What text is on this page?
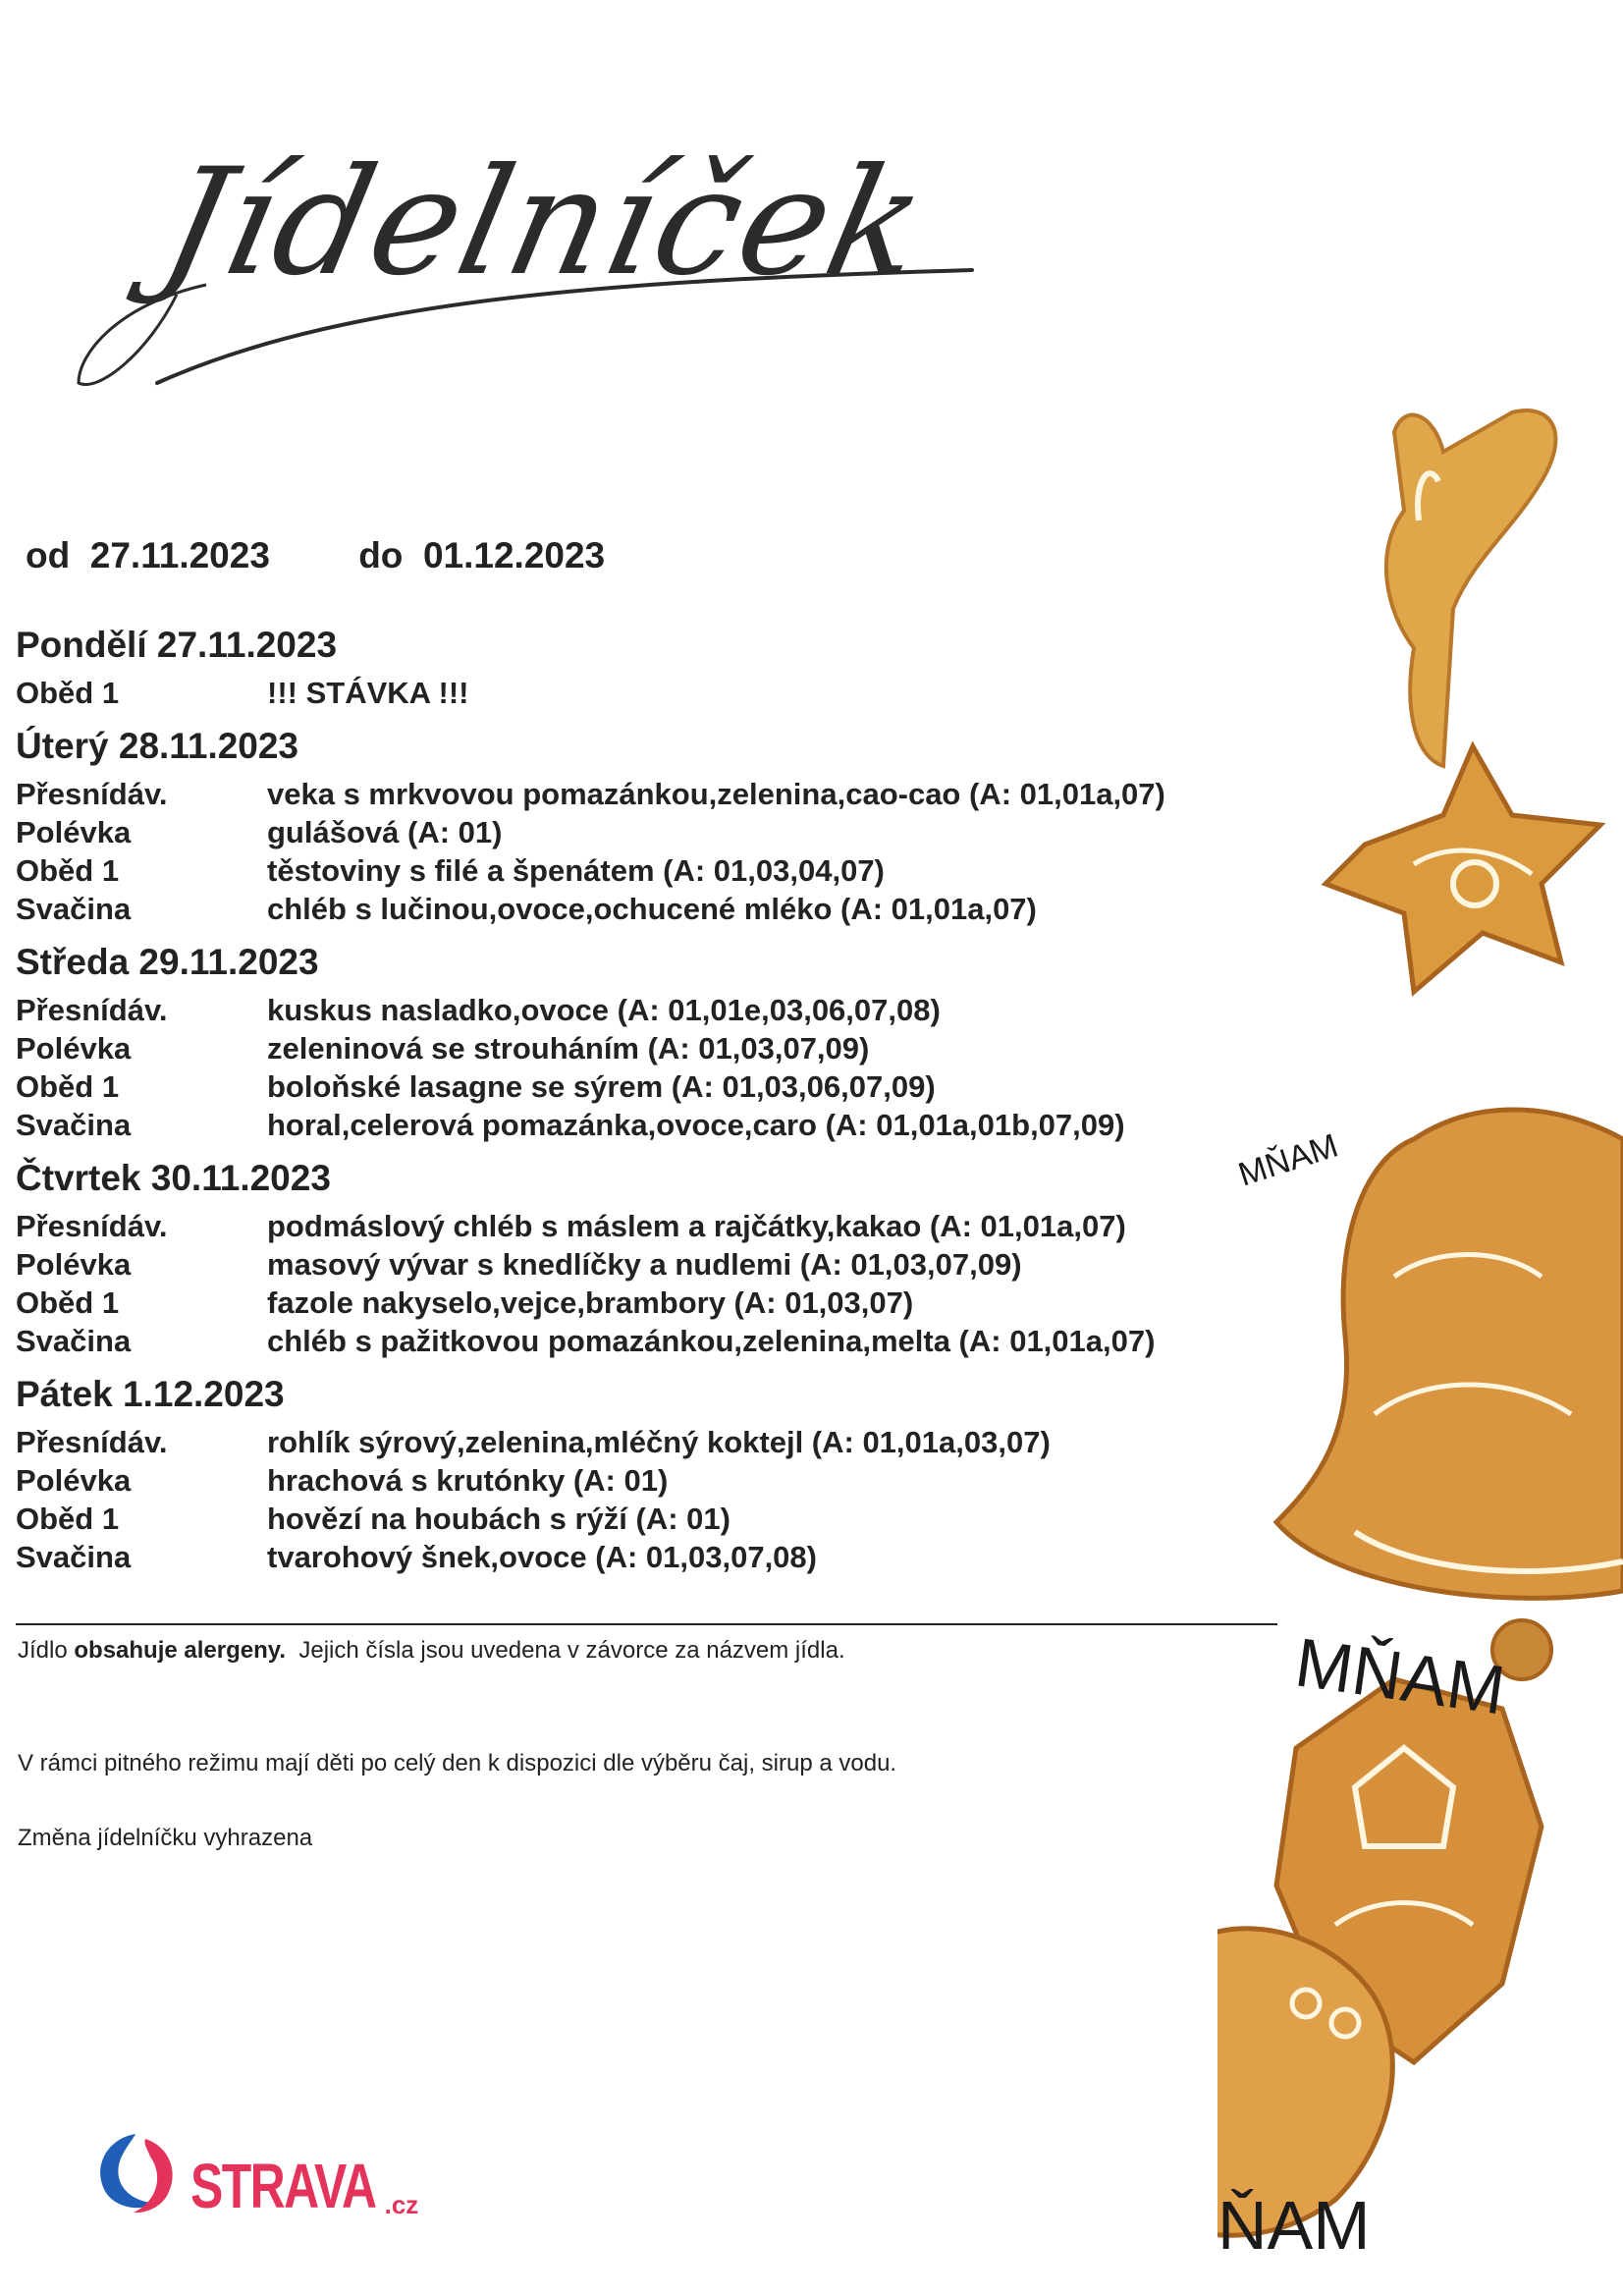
Jídelníček
od 27.11.2023 do 01.12.2023
Pondělí 27.11.2023
Oběd 1	!!! STÁVKA !!!
Úterý 28.11.2023
Přesnídáv.	veka s mrkvovou pomazánkou,zelenina,cao-cao (A: 01,01a,07)
Polévka	gulášová (A: 01)
Oběd 1	těstoviny s filé a špenátem (A: 01,03,04,07)
Svačina	chléb s lučinou,ovoce,ochucené mléko (A: 01,01a,07)
Středa 29.11.2023
Přesnídáv.	kuskus nasladko,ovoce (A: 01,01e,03,06,07,08)
Polévka	zeleninová se strouháním (A: 01,03,07,09)
Oběd 1	boloňské lasagne se sýrem (A: 01,03,06,07,09)
Svačina	horal,celerová pomazánka,ovoce,caro (A: 01,01a,01b,07,09)
Čtvrtek 30.11.2023
Přesnídáv.	podmáslový chléb s máslem a rajčátky,kakao (A: 01,01a,07)
Polévka	masový vývar s knedlíčky a nudlemi (A: 01,03,07,09)
Oběd 1	fazole nakyselo,vejce,brambory (A: 01,03,07)
Svačina	chléb s pažitkovou pomazánkou,zelenina,melta (A: 01,01a,07)
Pátek 1.12.2023
Přesnídáv.	rohlík sýrový,zelenina,mléčný koktejl (A: 01,01a,03,07)
Polévka	hrachová s krutónky (A: 01)
Oběd 1	hovězí na houbách s rýží (A: 01)
Svačina	tvarohový šnek,ovoce (A: 01,03,07,08)
Jídlo obsahuje alergeny. Jejich čísla jsou uvedena v závorce za názvem jídla.
V rámci pitného režimu mají děti po celý den k dispozici dle výběru čaj, sirup a vodu.
Změna jídelníčku vyhrazena
MŇAM
MŇAM
ŇAM
STRAVA .cz
